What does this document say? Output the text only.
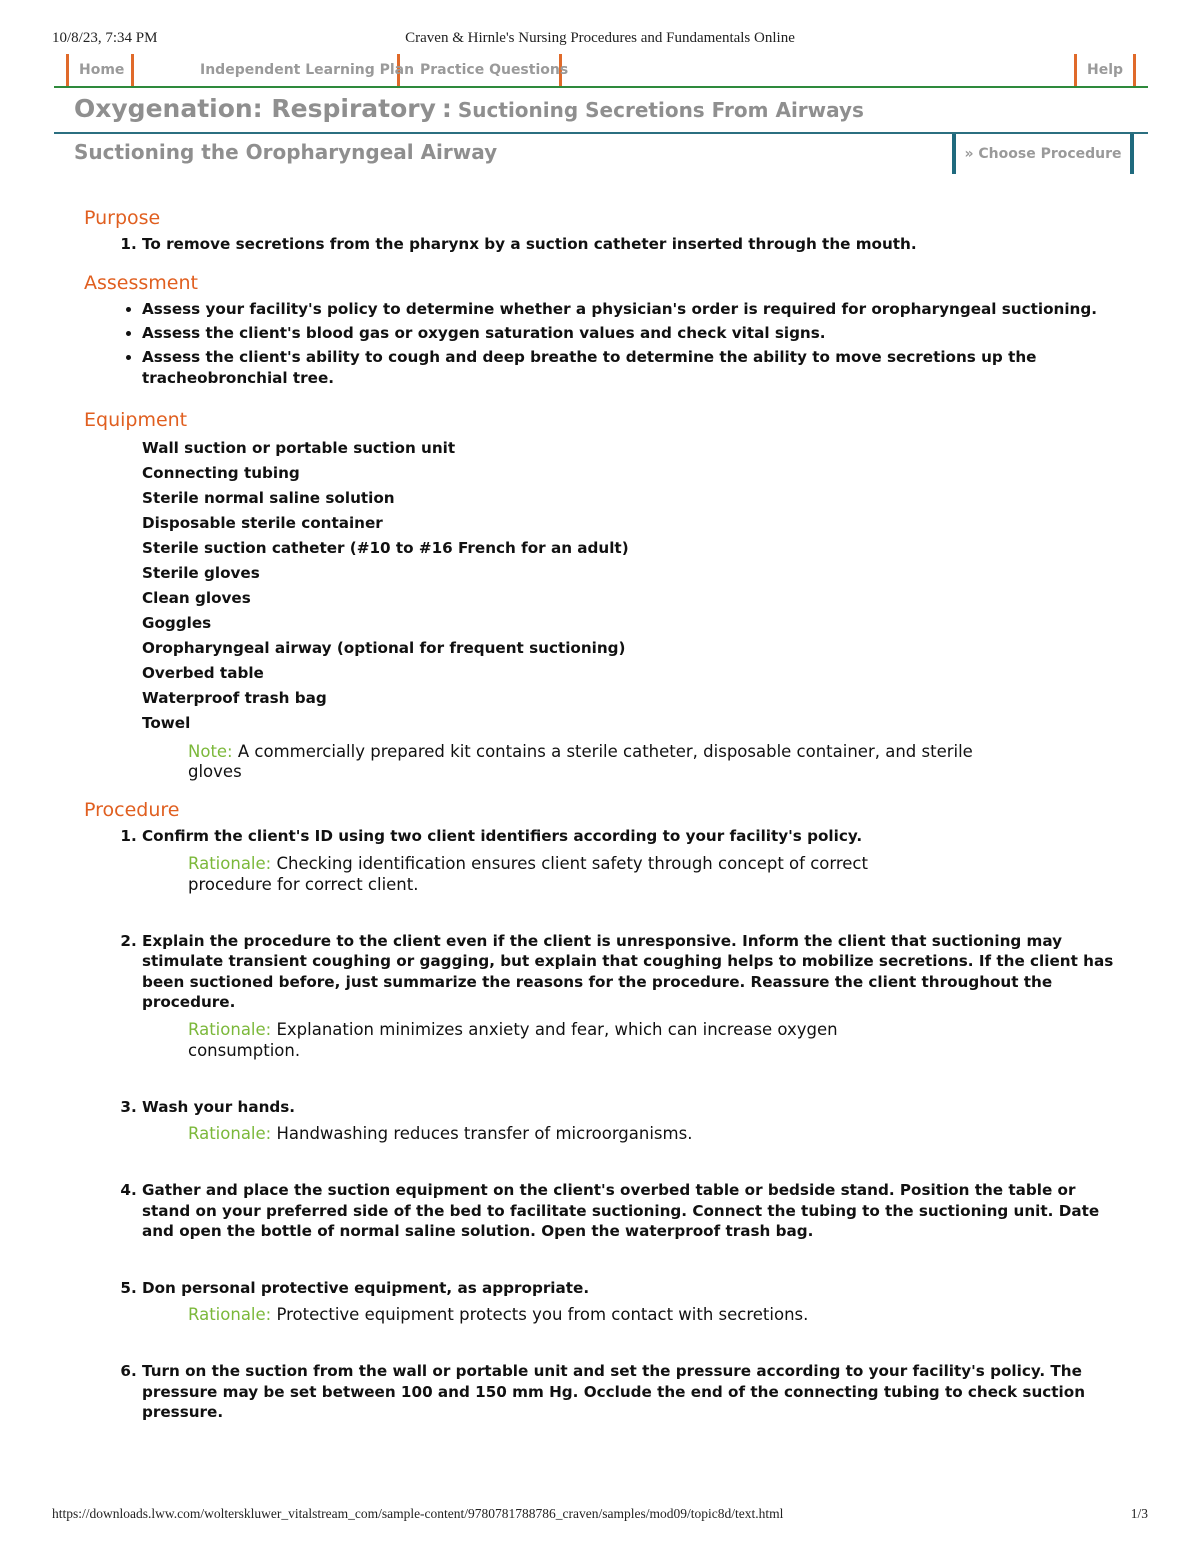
10/8/23, 7:34 PM	Craven & Hirnle's Nursing Procedures and Fundamentals Online
Home	Independent Learning Plan Practice Questions	Help
Oxygenation: Respiratory : Suctioning Secretions From Airways
Suctioning the Oropharyngeal Airway	» Choose Procedure
Purpose
1. To remove secretions from the pharynx by a suction catheter inserted through the mouth.
Assessment
• Assess your facility's policy to determine whether a physician's order is required for oropharyngeal suctioning.
• Assess the client's blood gas or oxygen saturation values and check vital signs.
• Assess the client's ability to cough and deep breathe to determine the ability to move secretions up the tracheobronchial tree.
Equipment
Wall suction or portable suction unit
Connecting tubing
Sterile normal saline solution
Disposable sterile container
Sterile suction catheter (#10 to #16 French for an adult)
Sterile gloves
Clean gloves
Goggles
Oropharyngeal airway (optional for frequent suctioning)
Overbed table
Waterproof trash bag
Towel
Note: A commercially prepared kit contains a sterile catheter, disposable container, and sterile gloves
Procedure
1. Confirm the client's ID using two client identifiers according to your facility's policy.
Rationale: Checking identification ensures client safety through concept of correct procedure for correct client.
2. Explain the procedure to the client even if the client is unresponsive. Inform the client that suctioning may stimulate transient coughing or gagging, but explain that coughing helps to mobilize secretions. If the client has been suctioned before, just summarize the reasons for the procedure. Reassure the client throughout the procedure.
Rationale: Explanation minimizes anxiety and fear, which can increase oxygen consumption.
3. Wash your hands.
Rationale: Handwashing reduces transfer of microorganisms.
4. Gather and place the suction equipment on the client's overbed table or bedside stand. Position the table or stand on your preferred side of the bed to facilitate suctioning. Connect the tubing to the suctioning unit. Date and open the bottle of normal saline solution. Open the waterproof trash bag.
5. Don personal protective equipment, as appropriate.
Rationale: Protective equipment protects you from contact with secretions.
6. Turn on the suction from the wall or portable unit and set the pressure according to your facility's policy. The pressure may be set between 100 and 150 mm Hg. Occlude the end of the connecting tubing to check suction pressure.
https://downloads.lww.com/wolterskluwer_vitalstream_com/sample-content/9780781788786_craven/samples/mod09/topic8d/text.html	1/3
